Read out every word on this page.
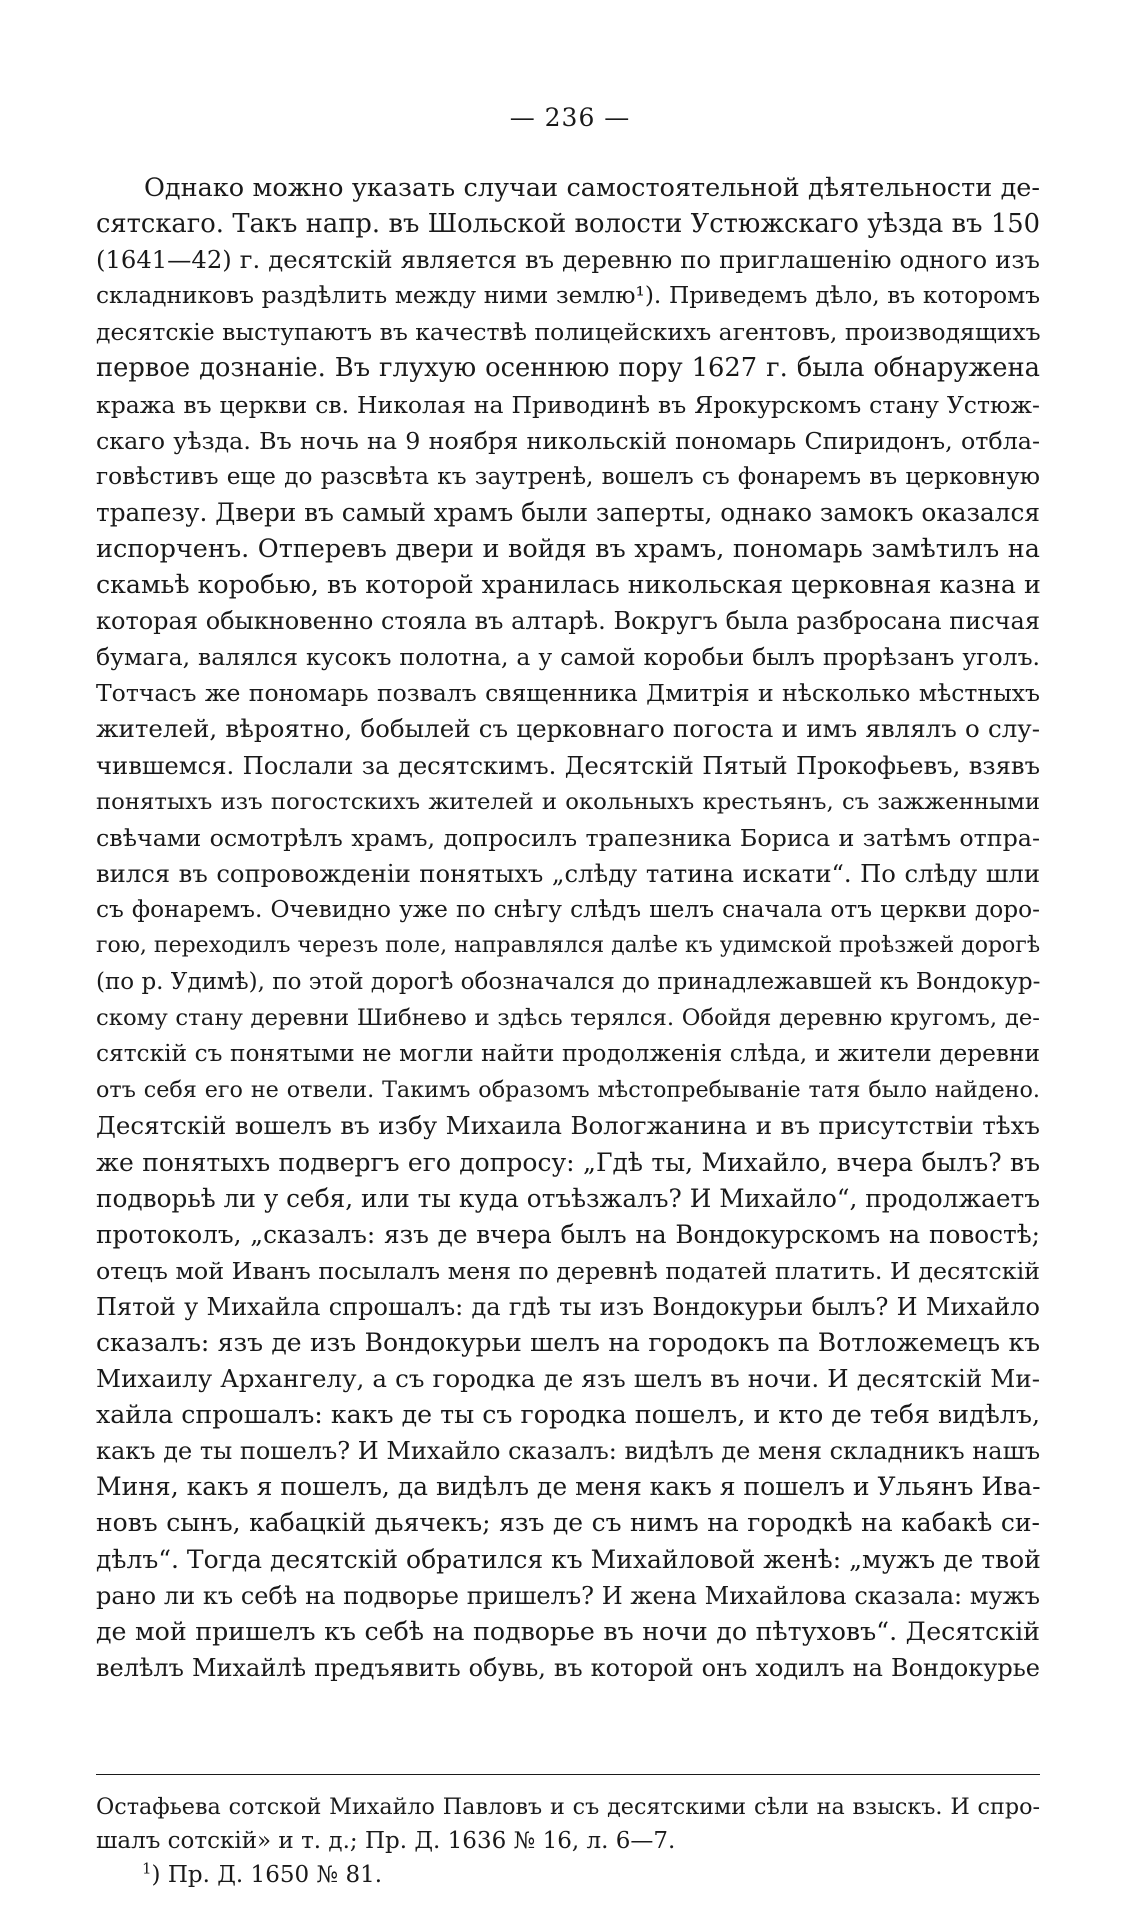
— 236 —
Однако можно указать случаи самостоятельной дѣятельности де-
сятскаго. Такъ напр. въ Шольской волости Устюжскаго уѣзда въ 150
(1641—42) г. десятскій является въ деревню по приглашенію одного изъ
складниковъ раздѣлить между ними землю¹). Приведемъ дѣло, въ которомъ
десятскіе выступаютъ въ качествѣ полицейскихъ агентовъ, производящихъ
первое дознаніе. Въ глухую осеннюю пору 1627 г. была обнаружена
кража въ церкви св. Николая на Приводинѣ въ Ярокурскомъ стану Устюж-
скаго уѣзда. Въ ночь на 9 ноября никольскій пономарь Спиридонъ, отбла-
говѣстивъ еще до разсвѣта къ заутренѣ, вошелъ съ фонаремъ въ церковную
трапезу. Двери въ самый храмъ были заперты, однако замокъ оказался
испорченъ. Отперевъ двери и войдя въ храмъ, пономарь замѣтилъ на
скамьѣ коробью, въ которой хранилась никольская церковная казна и
которая обыкновенно стояла въ алтарѣ. Вокругъ была разбросана писчая
бумага, валялся кусокъ полотна, а у самой коробьи былъ прорѣзанъ уголъ.
Тотчасъ же пономарь позвалъ священника Дмитрія и нѣсколько мѣстныхъ
жителей, вѣроятно, бобылей съ церковнаго погоста и имъ являлъ о слу-
чившемся. Послали за десятскимъ. Десятскій Пятый Прокофьевъ, взявъ
понятыхъ изъ погостскихъ жителей и окольныхъ крестьянъ, съ зажженными
свѣчами осмотрѣлъ храмъ, допросилъ трапезника Бориса и затѣмъ отпра-
вился въ сопровожденіи понятыхъ „слѣду татина искати“. По слѣду шли
съ фонаремъ. Очевидно уже по снѣгу слѣдъ шелъ сначала отъ церкви доро-
гою, переходилъ черезъ поле, направлялся далѣе къ удимской проѣзжей дорогѣ
(по р. Удимѣ), по этой дорогѣ обозначался до принадлежавшей къ Вондокур-
скому стану деревни Шибнево и здѣсь терялся. Обойдя деревню кругомъ, де-
сятскій съ понятыми не могли найти продолженія слѣда, и жители деревни
отъ себя его не отвели. Такимъ образомъ мѣстопребываніе татя было найдено.
Десятскій вошелъ въ избу Михаила Вологжанина и въ присутствіи тѣхъ
же понятыхъ подвергъ его допросу: „Гдѣ ты, Михайло, вчера былъ? въ
подворьѣ ли у себя, или ты куда отъѣзжалъ? И Михайло“, продолжаетъ
протоколъ, „сказалъ: язъ де вчера былъ на Вондокурскомъ на повостѣ;
отецъ мой Иванъ посылалъ меня по деревнѣ податей платить. И десятскій
Пятой у Михайла спрошалъ: да гдѣ ты изъ Вондокурьи былъ? И Михайло
сказалъ: язъ де изъ Вондокурьи шелъ на городокъ па Вотложемецъ къ
Михаилу Архангелу, а съ городка де язъ шелъ въ ночи. И десятскій Ми-
хайла спрошалъ: какъ де ты съ городка пошелъ, и кто де тебя видѣлъ,
какъ де ты пошелъ? И Михайло сказалъ: видѣлъ де меня складникъ нашъ
Миня, какъ я пошелъ, да видѣлъ де меня какъ я пошелъ и Ульянъ Ива-
новъ сынъ, кабацкій дьячекъ; язъ де съ нимъ на городкѣ на кабакѣ си-
дѣлъ“. Тогда десятскій обратился къ Михайловой женѣ: „мужъ де твой
рано ли къ себѣ на подворье пришелъ? И жена Михайлова сказала: мужъ
де мой пришелъ къ себѣ на подворье въ ночи до пѣтуховъ“. Десятскій
велѣлъ Михайлѣ предъявить обувь, въ которой онъ ходилъ на Вондокурье
Остафьева сотской Михайло Павловъ и съ десятскими сѣли на взыскъ. И спро-
шалъ сотскій» и т. д.; Пр. Д. 1636 № 16, л. 6—7.
$^1$) Пр. Д. 1650 № 81.
